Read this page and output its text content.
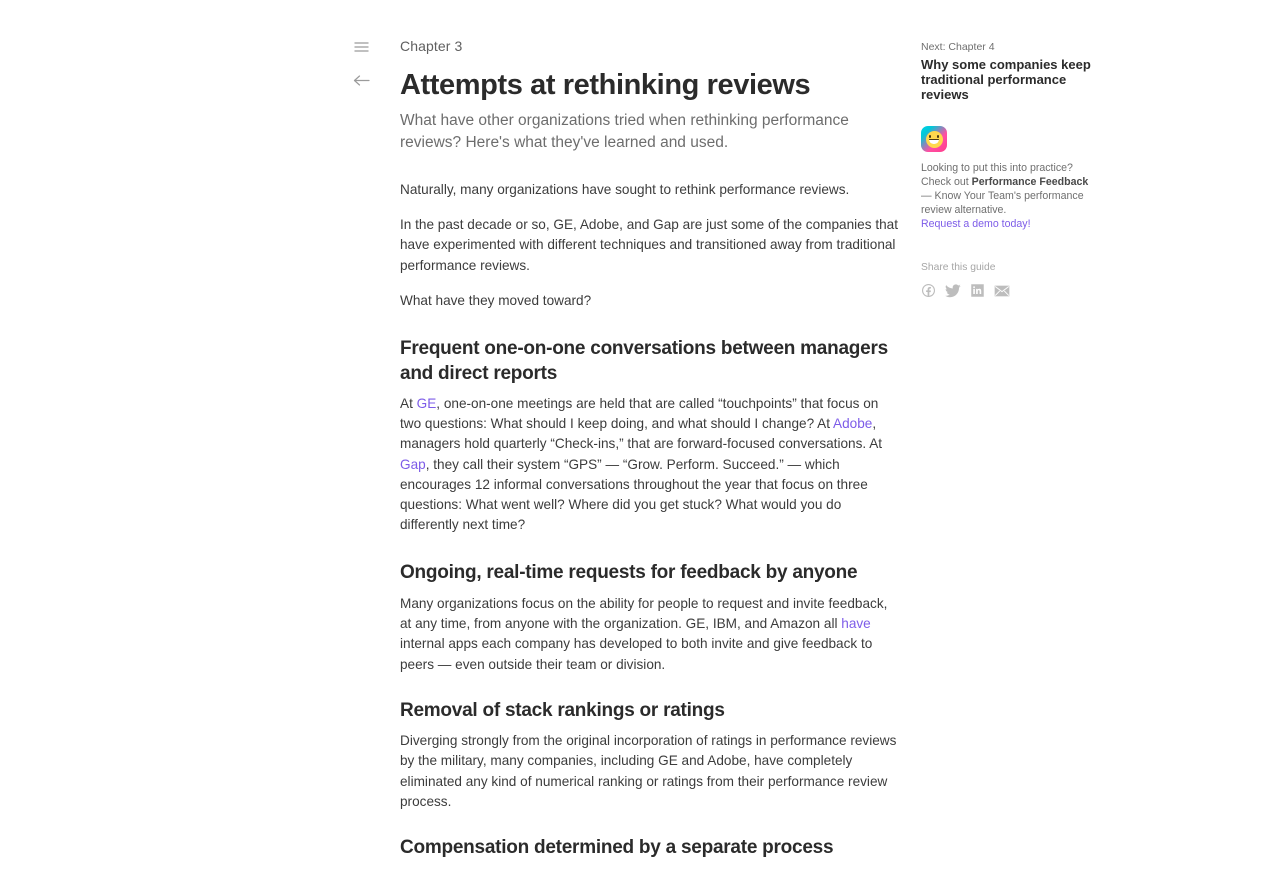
Chapter 3
Attempts at rethinking reviews
What have other organizations tried when rethinking performance reviews? Here's what they've learned and used.

Naturally, many organizations have sought to rethink performance reviews.

In the past decade or so, GE, Adobe, and Gap are just some of the companies that have experimented with different techniques and transitioned away from traditional performance reviews.

What have they moved toward?

Frequent one-on-one conversations between managers and direct reports

At GE, one-on-one meetings are held that are called “touchpoints” that focus on two questions: What should I keep doing, and what should I change? At Adobe, managers hold quarterly “Check-ins,” that are forward-focused conversations. At Gap, they call their system “GPS” — “Grow. Perform. Succeed.” — which encourages 12 informal conversations throughout the year that focus on three questions: What went well? Where did you get stuck? What would you do differently next time?

Ongoing, real-time requests for feedback by anyone

Many organizations focus on the ability for people to request and invite feedback, at any time, from anyone with the organization. GE, IBM, and Amazon all have internal apps each company has developed to both invite and give feedback to peers — even outside their team or division.

Removal of stack rankings or ratings

Diverging strongly from the original incorporation of ratings in performance reviews by the military, many companies, including GE and Adobe, have completely eliminated any kind of numerical ranking or ratings from their performance review process.

Compensation determined by a separate process
Next: Chapter 4
Why some companies keep traditional performance reviews
Looking to put this into practice? Check out Performance Feedback — Know Your Team's performance review alternative.
Request a demo today!
Share this guide
